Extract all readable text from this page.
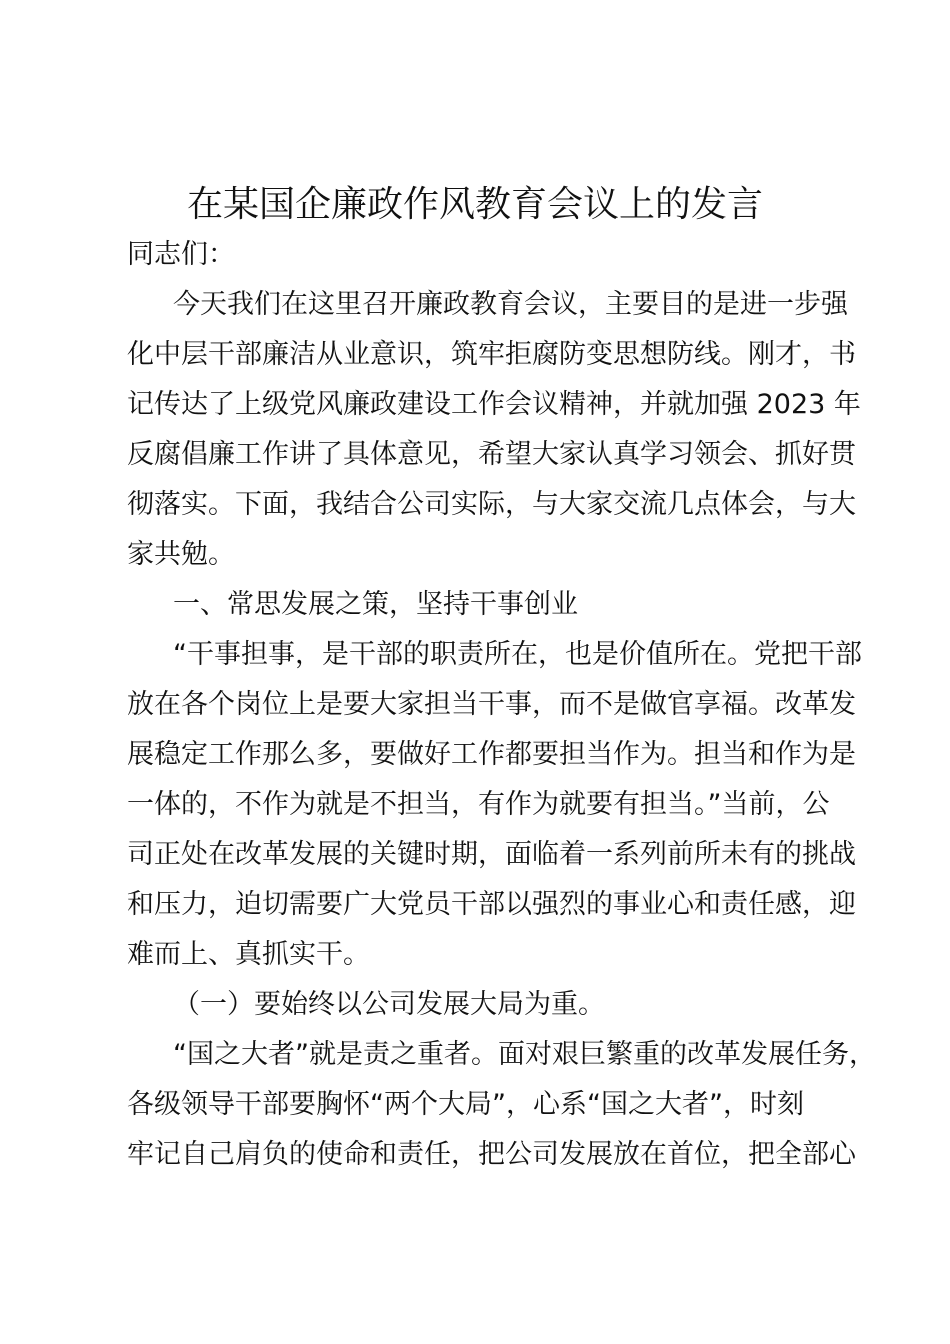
在某国企廉政作风教育会议上的发言
同志们：
今天我们在这里召开廉政教育会议，主要目的是进一步强
化中层干部廉洁从业意识，筑牢拒腐防变思想防线。刚才，书
记传达了上级党风廉政建设工作会议精神，并就加强 2023 年
反腐倡廉工作讲了具体意见，希望大家认真学习领会、抓好贯
彻落实。下面，我结合公司实际，与大家交流几点体会，与大
家共勉。
一、常思发展之策，坚持干事创业
“干事担事，是干部的职责所在，也是价值所在。党把干部
放在各个岗位上是要大家担当干事，而不是做官享福。改革发
展稳定工作那么多，要做好工作都要担当作为。担当和作为是
一体的，不作为就是不担当，有作为就要有担当。”当前，公
司正处在改革发展的关键时期，面临着一系列前所未有的挑战
和压力，迫切需要广大党员干部以强烈的事业心和责任感，迎
难而上、真抓实干。
（一）要始终以公司发展大局为重。
“国之大者”就是责之重者。面对艰巨繁重的改革发展任务，
各级领导干部要胸怀“两个大局”，心系“国之大者”，时刻
牢记自己肩负的使命和责任，把公司发展放在首位，把全部心
